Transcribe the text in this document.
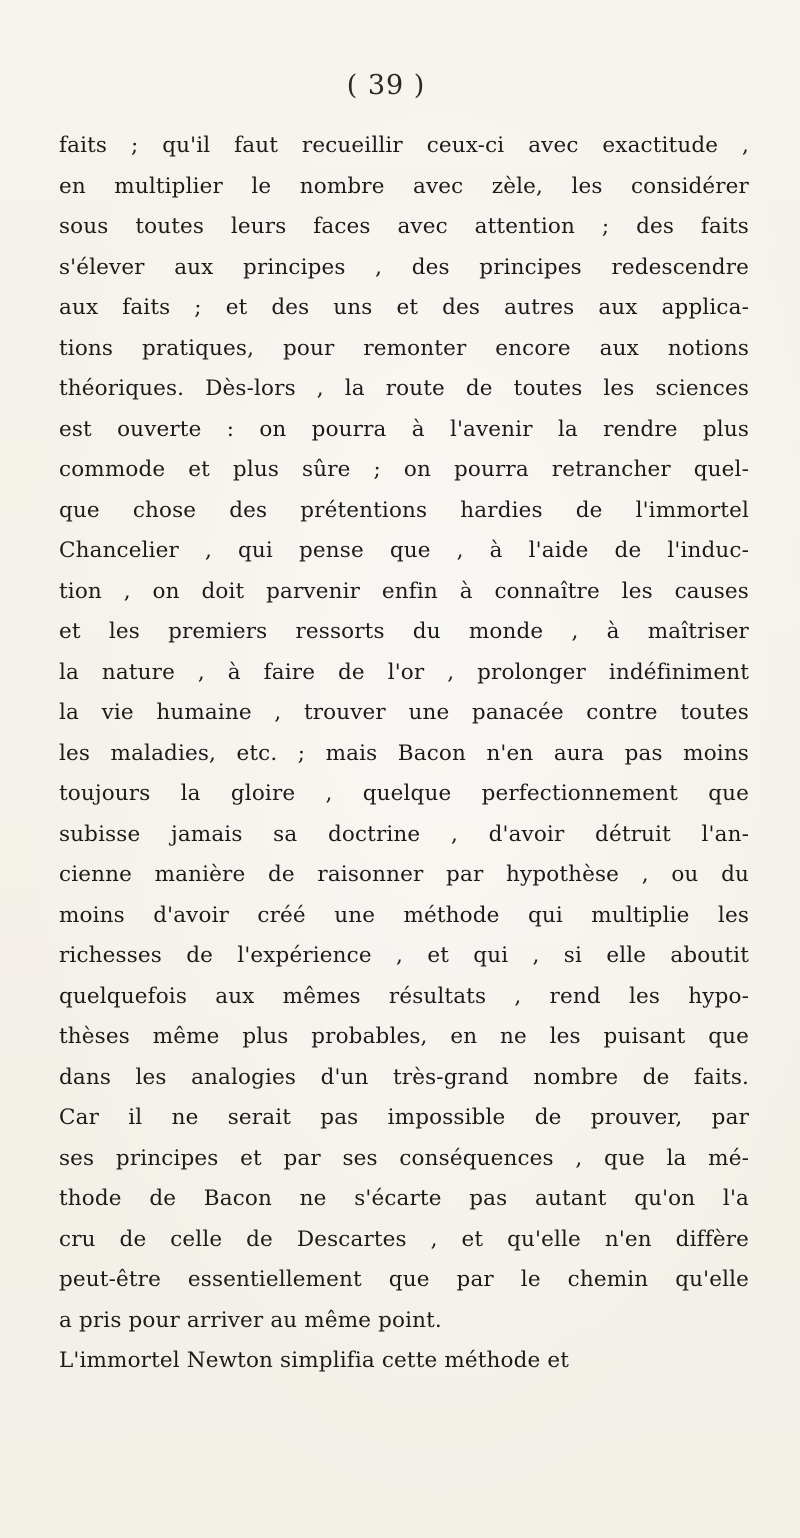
( 39 )
faits ; qu'il faut recueillir ceux-ci avec exactitude ,
en multiplier le nombre avec zèle, les considérer
sous toutes leurs faces avec attention ; des faits
s'élever aux principes , des principes redescendre
aux faits ; et des uns et des autres aux applica-
tions pratiques, pour remonter encore aux notions
théoriques. Dès-lors , la route de toutes les sciences
est ouverte : on pourra à l'avenir la rendre plus
commode et plus sûre ; on pourra retrancher quel-
que chose des prétentions hardies de l'immortel
Chancelier , qui pense que , à l'aide de l'induc-
tion , on doit parvenir enfin à connaître les causes
et les premiers ressorts du monde , à maîtriser
la nature , à faire de l'or , prolonger indéfiniment
la vie humaine , trouver une panacée contre toutes
les maladies, etc. ; mais Bacon n'en aura pas moins
toujours la gloire , quelque perfectionnement que
subisse jamais sa doctrine , d'avoir détruit l'an-
cienne manière de raisonner par hypothèse , ou du
moins d'avoir créé une méthode qui multiplie les
richesses de l'expérience , et qui , si elle aboutit
quelquefois aux mêmes résultats , rend les hypo-
thèses même plus probables, en ne les puisant que
dans les analogies d'un très-grand nombre de faits.
Car il ne serait pas impossible de prouver, par
ses principes et par ses conséquences , que la mé-
thode de Bacon ne s'écarte pas autant qu'on l'a
cru de celle de Descartes , et qu'elle n'en diffère
peut-être essentiellement que par le chemin qu'elle
a pris pour arriver au même point.
L'immortel Newton simplifia cette méthode et
